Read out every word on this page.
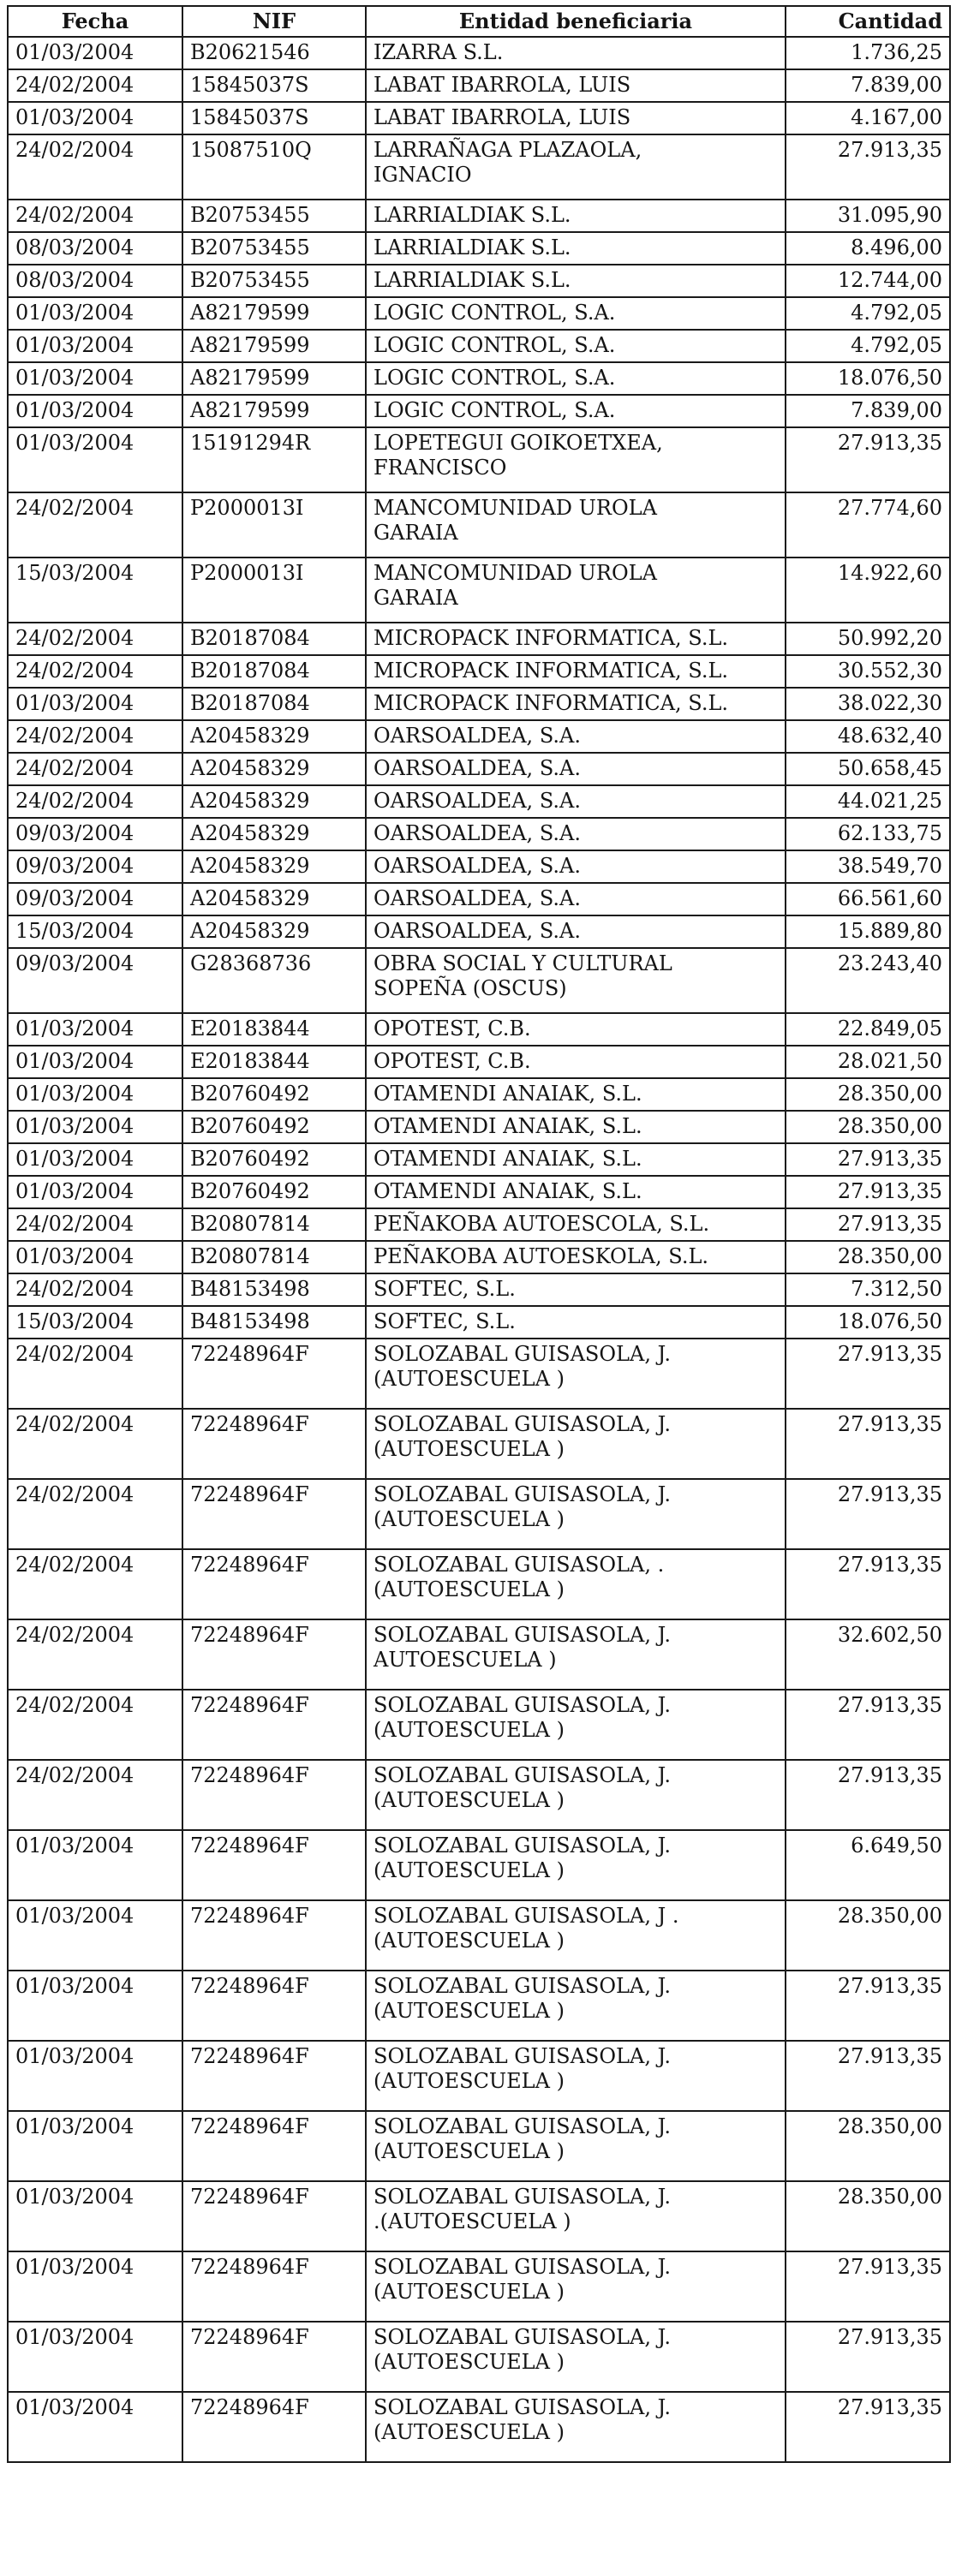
Fecha	NIF	Entidad beneficiaria	Cantidad
01/03/2004	B20621546	IZARRA S.L.	1.736,25
24/02/2004	15845037S	LABAT IBARROLA, LUIS	7.839,00
01/03/2004	15845037S	LABAT IBARROLA, LUIS	4.167,00
24/02/2004	15087510Q	LARRAÑAGA PLAZAOLA,
IGNACIO	27.913,35
24/02/2004	B20753455	LARRIALDIAK S.L.	31.095,90
08/03/2004	B20753455	LARRIALDIAK S.L.	8.496,00
08/03/2004	B20753455	LARRIALDIAK S.L.	12.744,00
01/03/2004	A82179599	LOGIC CONTROL, S.A.	4.792,05
01/03/2004	A82179599	LOGIC CONTROL, S.A.	4.792,05
01/03/2004	A82179599	LOGIC CONTROL, S.A.	18.076,50
01/03/2004	A82179599	LOGIC CONTROL, S.A.	7.839,00
01/03/2004	15191294R	LOPETEGUI GOIKOETXEA,
FRANCISCO	27.913,35
24/02/2004	P2000013I	MANCOMUNIDAD UROLA
GARAIA	27.774,60
15/03/2004	P2000013I	MANCOMUNIDAD UROLA
GARAIA	14.922,60
24/02/2004	B20187084	MICROPACK INFORMATICA, S.L.	50.992,20
24/02/2004	B20187084	MICROPACK INFORMATICA, S.L.	30.552,30
01/03/2004	B20187084	MICROPACK INFORMATICA, S.L.	38.022,30
24/02/2004	A20458329	OARSOALDEA, S.A.	48.632,40
24/02/2004	A20458329	OARSOALDEA, S.A.	50.658,45
24/02/2004	A20458329	OARSOALDEA, S.A.	44.021,25
09/03/2004	A20458329	OARSOALDEA, S.A.	62.133,75
09/03/2004	A20458329	OARSOALDEA, S.A.	38.549,70
09/03/2004	A20458329	OARSOALDEA, S.A.	66.561,60
15/03/2004	A20458329	OARSOALDEA, S.A.	15.889,80
09/03/2004	G28368736	OBRA SOCIAL Y CULTURAL
SOPEÑA (OSCUS)	23.243,40
01/03/2004	E20183844	OPOTEST, C.B.	22.849,05
01/03/2004	E20183844	OPOTEST, C.B.	28.021,50
01/03/2004	B20760492	OTAMENDI ANAIAK, S.L.	28.350,00
01/03/2004	B20760492	OTAMENDI ANAIAK, S.L.	28.350,00
01/03/2004	B20760492	OTAMENDI ANAIAK, S.L.	27.913,35
01/03/2004	B20760492	OTAMENDI ANAIAK, S.L.	27.913,35
24/02/2004	B20807814	PEÑAKOBA AUTOESCOLA, S.L.	27.913,35
01/03/2004	B20807814	PEÑAKOBA AUTOESKOLA, S.L.	28.350,00
24/02/2004	B48153498	SOFTEC, S.L.	7.312,50
15/03/2004	B48153498	SOFTEC, S.L.	18.076,50
24/02/2004	72248964F	SOLOZABAL GUISASOLA, J.
(AUTOESCUELA )	27.913,35
24/02/2004	72248964F	SOLOZABAL GUISASOLA, J.
(AUTOESCUELA )	27.913,35
24/02/2004	72248964F	SOLOZABAL GUISASOLA, J.
(AUTOESCUELA )	27.913,35
24/02/2004	72248964F	SOLOZABAL GUISASOLA, .
(AUTOESCUELA )	27.913,35
24/02/2004	72248964F	SOLOZABAL GUISASOLA, J.
AUTOESCUELA )	32.602,50
24/02/2004	72248964F	SOLOZABAL GUISASOLA, J.
(AUTOESCUELA )	27.913,35
24/02/2004	72248964F	SOLOZABAL GUISASOLA, J.
(AUTOESCUELA )	27.913,35
01/03/2004	72248964F	SOLOZABAL GUISASOLA, J.
(AUTOESCUELA )	6.649,50
01/03/2004	72248964F	SOLOZABAL GUISASOLA, J .
(AUTOESCUELA )	28.350,00
01/03/2004	72248964F	SOLOZABAL GUISASOLA, J.
(AUTOESCUELA )	27.913,35
01/03/2004	72248964F	SOLOZABAL GUISASOLA, J.
(AUTOESCUELA )	27.913,35
01/03/2004	72248964F	SOLOZABAL GUISASOLA, J.
(AUTOESCUELA )	28.350,00
01/03/2004	72248964F	SOLOZABAL GUISASOLA, J.
.(AUTOESCUELA )	28.350,00
01/03/2004	72248964F	SOLOZABAL GUISASOLA, J.
(AUTOESCUELA )	27.913,35
01/03/2004	72248964F	SOLOZABAL GUISASOLA, J.
(AUTOESCUELA )	27.913,35
01/03/2004	72248964F	SOLOZABAL GUISASOLA, J.
(AUTOESCUELA )	27.913,35
